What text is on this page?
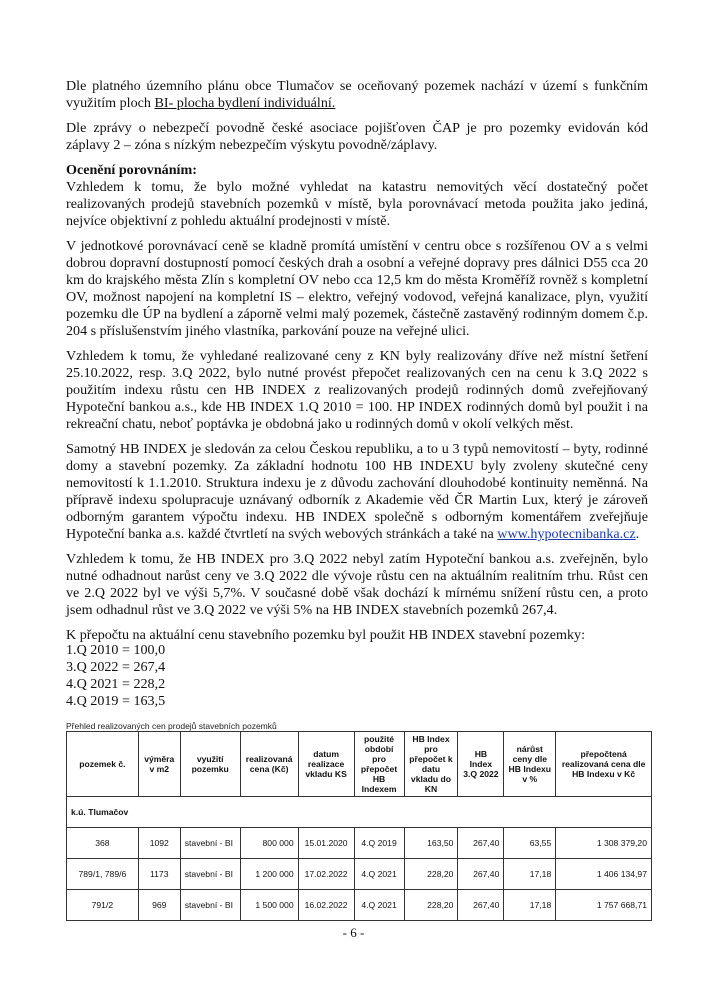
Dle platného územního plánu obce Tlumačov se oceňovaný pozemek nachází v území s funkčním využitím ploch BI- plocha bydlení individuální.

Dle zprávy o nebezpečí povodně české asociace pojišťoven ČAP je pro pozemky evidován kód záplavy 2 – zóna s nízkým nebezpečím výskytu povodně/záplavy.

Ocenění porovnáním:

Vzhledem k tomu, že bylo možné vyhledat na katastru nemovitých věcí dostatečný počet realizovaných prodejů stavebních pozemků v místě, byla porovnávací metoda použita jako jediná, nejvíce objektivní z pohledu aktuální prodejnosti v místě.

V jednotkové porovnávací ceně se kladně promítá umístění v centru obce s rozšířenou OV a s velmi dobrou dopravní dostupností pomocí českých drah a osobní a veřejné dopravy pres dálnici D55 cca 20 km do krajského města Zlín s kompletní OV nebo cca 12,5 km do města Kroměříž rovněž s kompletní OV, možnost napojení na kompletní IS – elektro, veřejný vodovod, veřejná kanalizace, plyn, využití pozemku dle ÚP na bydlení a záporně velmi malý pozemek, částečně zastavěný rodinným domem č.p. 204 s příslušenstvím jiného vlastníka, parkování pouze na veřejné ulici.

Vzhledem k tomu, že vyhledané realizované ceny z KN byly realizovány dříve než místní šetření 25.10.2022, resp. 3.Q 2022, bylo nutné provést přepočet realizovaných cen na cenu k 3.Q 2022 s použitím indexu růstu cen HB INDEX z realizovaných prodejů rodinných domů zveřejňovaný Hypoteční bankou a.s., kde HB INDEX 1.Q 2010 = 100. HP INDEX rodinných domů byl použit i na rekreační chatu, neboť poptávka je obdobná jako u rodinných domů v okolí velkých měst.

Samotný HB INDEX je sledován za celou Českou republiku, a to u 3 typů nemovitostí – byty, rodinné domy a stavební pozemky. Za základní hodnotu 100 HB INDEXU byly zvoleny skutečné ceny nemovitostí k 1.1.2010. Struktura indexu je z důvodu zachování dlouhodobé kontinuity neměnná. Na přípravě indexu spolupracuje uznávaný odborník z Akademie věd ČR Martin Lux, který je zároveň odborným garantem výpočtu indexu. HB INDEX společně s odborným komentářem zveřejňuje Hypoteční banka a.s. každé čtvrtletí na svých webových stránkách a také na www.hypotecnibanka.cz.

Vzhledem k tomu, že HB INDEX pro 3.Q 2022 nebyl zatím Hypoteční bankou a.s. zveřejněn, bylo nutné odhadnout narůst ceny ve 3.Q 2022 dle vývoje růstu cen na aktuálním realitním trhu. Růst cen ve 2.Q 2022 byl ve výši 5,7%. V současné době však dochází k mírnému snížení růstu cen, a proto jsem odhadnul růst ve 3.Q 2022 ve výši 5% na HB INDEX stavebních pozemků 267,4.

K přepočtu na aktuální cenu stavebního pozemku byl použit HB INDEX stavební pozemky:

1.Q 2010 = 100,0
3.Q 2022 = 267,4
4.Q 2021 = 228,2
4.Q 2019 = 163,5
Přehled realizovaných cen prodejů stavebních pozemků
pozemek č.	výměra v m2	využití pozemku	realizovaná cena (Kč)	datum realizace vkladu KS	použité období pro přepočet HB Indexem	HB Index pro přepočet k datu vkladu do KN	HB Index 3.Q 2022	nárůst ceny dle HB Indexu v %	přepočtená realizovaná cena dle HB Indexu v Kč
k.ú. Tlumačov									
368	1092	stavební - BI	800 000	15.01.2020	4.Q 2019	163,50	267,40	63,55	1 308 379,20
789/1, 789/6	1173	stavební - BI	1 200 000	17.02.2022	4.Q 2021	228,20	267,40	17,18	1 406 134,97
791/2	969	stavební - BI	1 500 000	16.02.2022	4.Q 2021	228,20	267,40	17,18	1 757 668,71
- 6 -
